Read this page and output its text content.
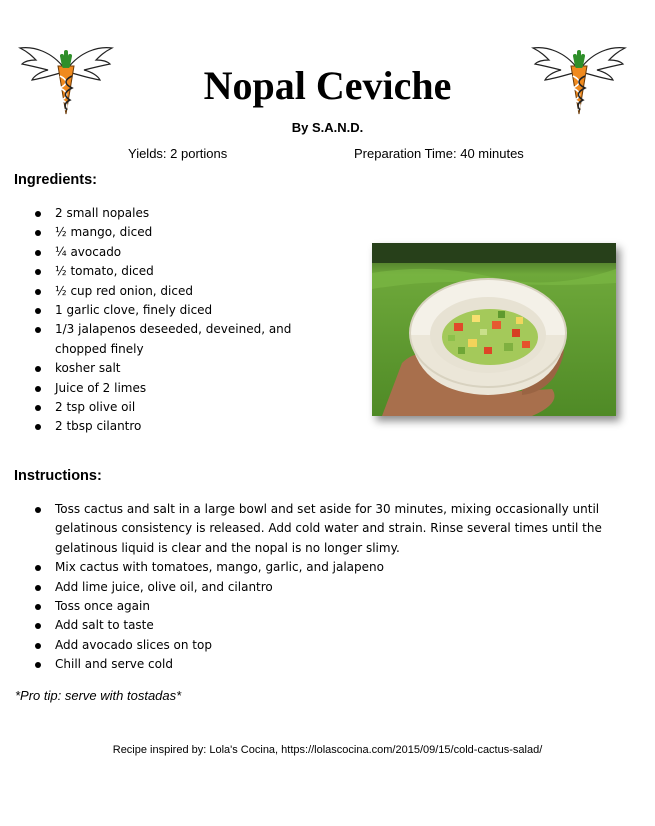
Nopal Ceviche
By S.A.N.D.
Yields: 2 portions	Preparation Time: 40 minutes
Ingredients:
2 small nopales
½ mango, diced
¼ avocado
½ tomato, diced
½ cup red onion, diced
1 garlic clove, finely diced
1/3 jalapenos deseeded, deveined, and chopped finely
kosher salt
Juice of 2 limes
2 tsp olive oil
2 tbsp cilantro
Instructions:
Toss cactus and salt in a large bowl and set aside for 30 minutes, mixing occasionally until gelatinous consistency is released. Add cold water and strain. Rinse several times until the gelatinous liquid is clear and the nopal is no longer slimy.
Mix cactus with tomatoes, mango, garlic, and jalapeno
Add lime juice, olive oil, and cilantro
Toss once again
Add salt to taste
Add avocado slices on top
Chill and serve cold
*Pro tip: serve with tostadas*
Recipe inspired by: Lola's Cocina, https://lolascocina.com/2015/09/15/cold-cactus-salad/
